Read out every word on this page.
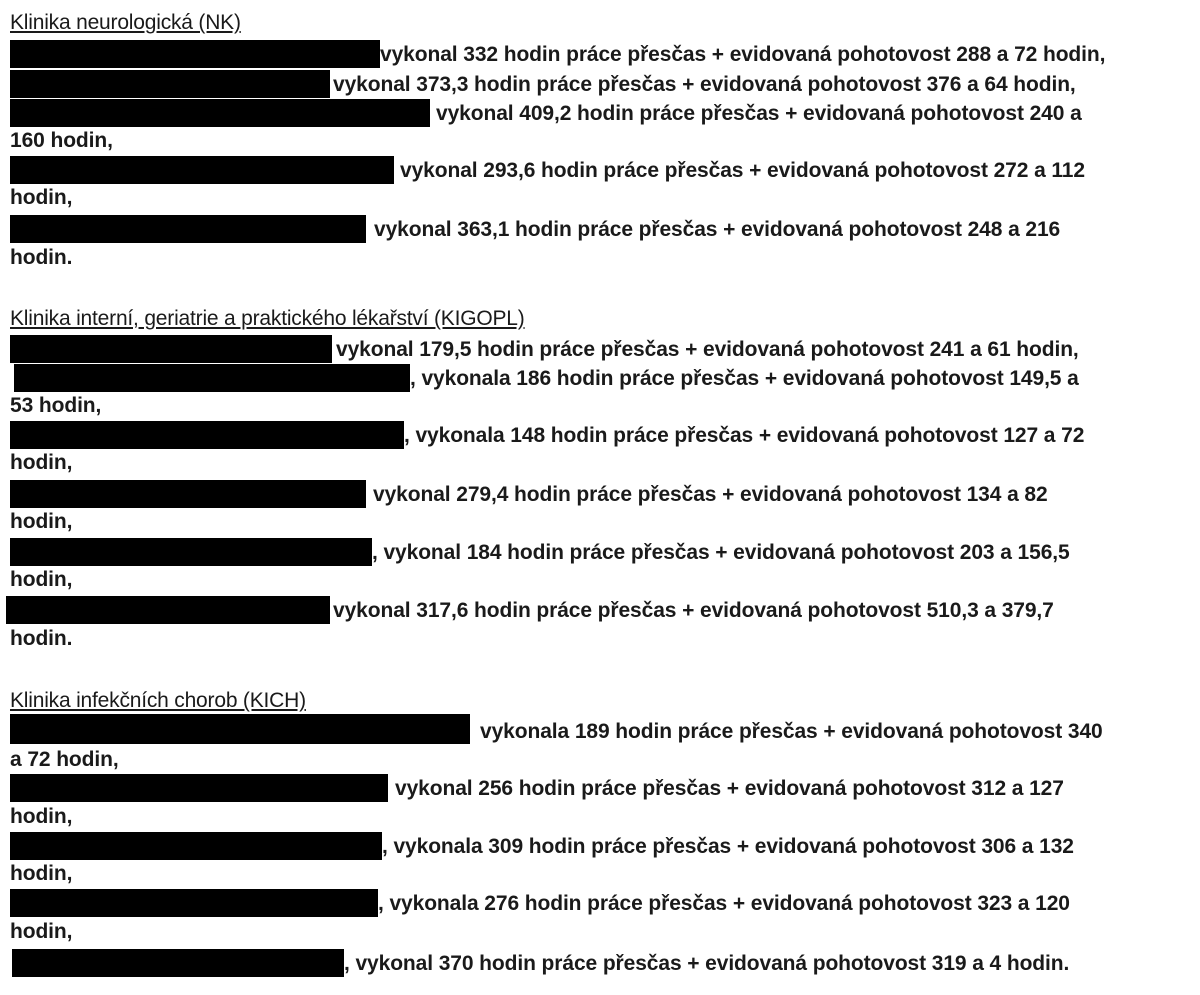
Klinika neurologická (NK)
vykonal 332 hodin práce přesčas + evidovaná pohotovost 288 a 72 hodin,
vykonal 373,3 hodin práce přesčas + evidovaná pohotovost 376 a 64 hodin,
vykonal 409,2 hodin práce přesčas + evidovaná pohotovost 240 a
160 hodin,
vykonal 293,6 hodin práce přesčas + evidovaná pohotovost 272 a 112
hodin,
vykonal 363,1 hodin práce přesčas + evidovaná pohotovost 248 a 216
hodin.
Klinika interní, geriatrie a praktického lékařství (KIGOPL)
vykonal 179,5 hodin práce přesčas + evidovaná pohotovost 241 a 61 hodin,
, vykonala 186 hodin práce přesčas + evidovaná pohotovost 149,5 a
53 hodin,
, vykonala 148 hodin práce přesčas + evidovaná pohotovost 127 a 72
hodin,
vykonal 279,4 hodin práce přesčas + evidovaná pohotovost 134 a 82
hodin,
, vykonal 184 hodin práce přesčas + evidovaná pohotovost 203 a 156,5
hodin,
vykonal 317,6 hodin práce přesčas + evidovaná pohotovost 510,3 a 379,7
hodin.
Klinika infekčních chorob (KICH)
vykonala 189 hodin práce přesčas + evidovaná pohotovost 340
a 72 hodin,
vykonal 256 hodin práce přesčas + evidovaná pohotovost 312 a 127
hodin,
, vykonala 309 hodin práce přesčas + evidovaná pohotovost 306 a 132
hodin,
, vykonala 276 hodin práce přesčas + evidovaná pohotovost 323 a 120
hodin,
, vykonal 370 hodin práce přesčas + evidovaná pohotovost 319 a 4 hodin.
